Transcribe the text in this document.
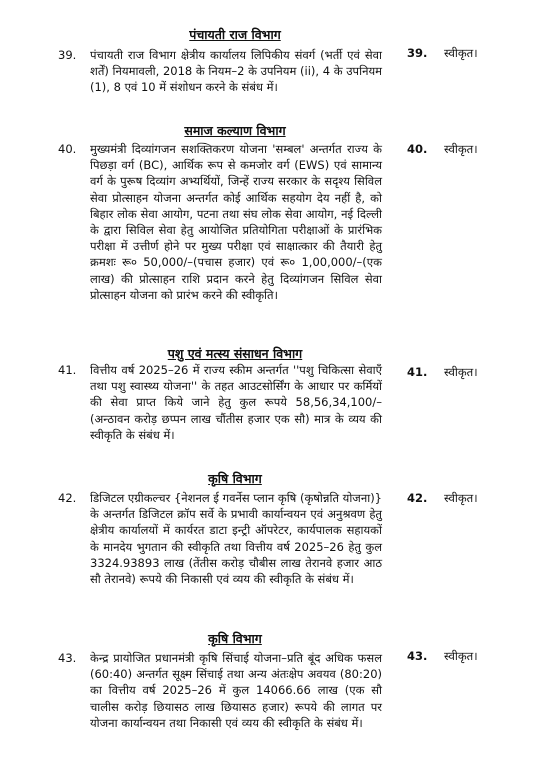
पंचायती राज विभाग
39.	पंचायती राज विभाग क्षेत्रीय कार्यालय लिपिकीय संवर्ग (भर्ती एवं सेवा शर्तें) नियमावली, 2018 के नियम–2 के उपनियम (ii), 4 के उपनियम (1), 8 एवं 10 में संशोधन करने के संबंध में।
39.	स्वीकृत।
समाज कल्याण विभाग
40.	मुख्यमंत्री दिव्यांगजन सशक्तिकरण योजना 'सम्बल' अन्तर्गत राज्य के पिछड़ा वर्ग (BC), आर्थिक रूप से कमजोर वर्ग (EWS) एवं सामान्य वर्ग के पुरूष दिव्यांग अभ्यर्थियों, जिन्हें राज्य सरकार के सदृश्य सिविल सेवा प्रोत्साहन योजना अन्तर्गत कोई आर्थिक सहयोग देय नहीं है, को बिहार लोक सेवा आयोग, पटना तथा संघ लोक सेवा आयोग, नई दिल्ली के द्वारा सिविल सेवा हेतु आयोजित प्रतियोगिता परीक्षाओं के प्रारंभिक परीक्षा में उत्तीर्ण होने पर मुख्य परीक्षा एवं साक्षात्कार की तैयारी हेतु क्रमशः रू० 50,000/–(पचास हजार) एवं रू० 1,00,000/–(एक लाख) की प्रोत्साहन राशि प्रदान करने हेतु दिव्यांगजन सिविल सेवा प्रोत्साहन योजना को प्रारंभ करने की स्वीकृति।
40.	स्वीकृत।
पशु एवं मत्स्य संसाधन विभाग
41.	वित्तीय वर्ष 2025–26 में राज्य स्कीम अन्तर्गत ''पशु चिकित्सा सेवाएँ तथा पशु स्वास्थ्य योजना'' के तहत आउटसोर्सिंग के आधार पर कर्मियों की सेवा प्राप्त किये जाने हेतु कुल रूपये 58,56,34,100/– (अन्ठावन करोड़ छप्पन लाख चौंतीस हजार एक सौ) मात्र के व्यय की स्वीकृति के संबंध में।
41.	स्वीकृत।
कृषि विभाग
42.	डिजिटल एग्रीकल्चर {नेशनल ई गवर्नेस प्लान कृषि (कृषोन्नति योजना)} के अन्तर्गत डिजिटल क्रॉप सर्वे के प्रभावी कार्यान्वयन एवं अनुश्रवण हेतु क्षेत्रीय कार्यालयों में कार्यरत डाटा इन्ट्री ऑपरेटर, कार्यपालक सहायकों के मानदेय भुगतान की स्वीकृति तथा वित्तीय वर्ष 2025–26 हेतु कुल 3324.93893 लाख (तेंतीस करोड़ चौबीस लाख तेरानवे हजार आठ सौ तेरानवे) रूपये की निकासी एवं व्यय की स्वीकृति के संबंध में।
42.	स्वीकृत।
कृषि विभाग
43.	केन्द्र प्रायोजित प्रधानमंत्री कृषि सिंचाई योजना–प्रति बूंद अधिक फसल (60:40) अन्तर्गत सूक्ष्म सिंचाई तथा अन्य अंतःक्षेप अवयव (80:20) का वित्तीय वर्ष 2025–26 में कुल 14066.66 लाख (एक सौ चालीस करोड़ छियासठ लाख छियासठ हजार) रूपये की लागत पर योजना कार्यान्वयन तथा निकासी एवं व्यय की स्वीकृति के संबंध में।
43.	स्वीकृत।
